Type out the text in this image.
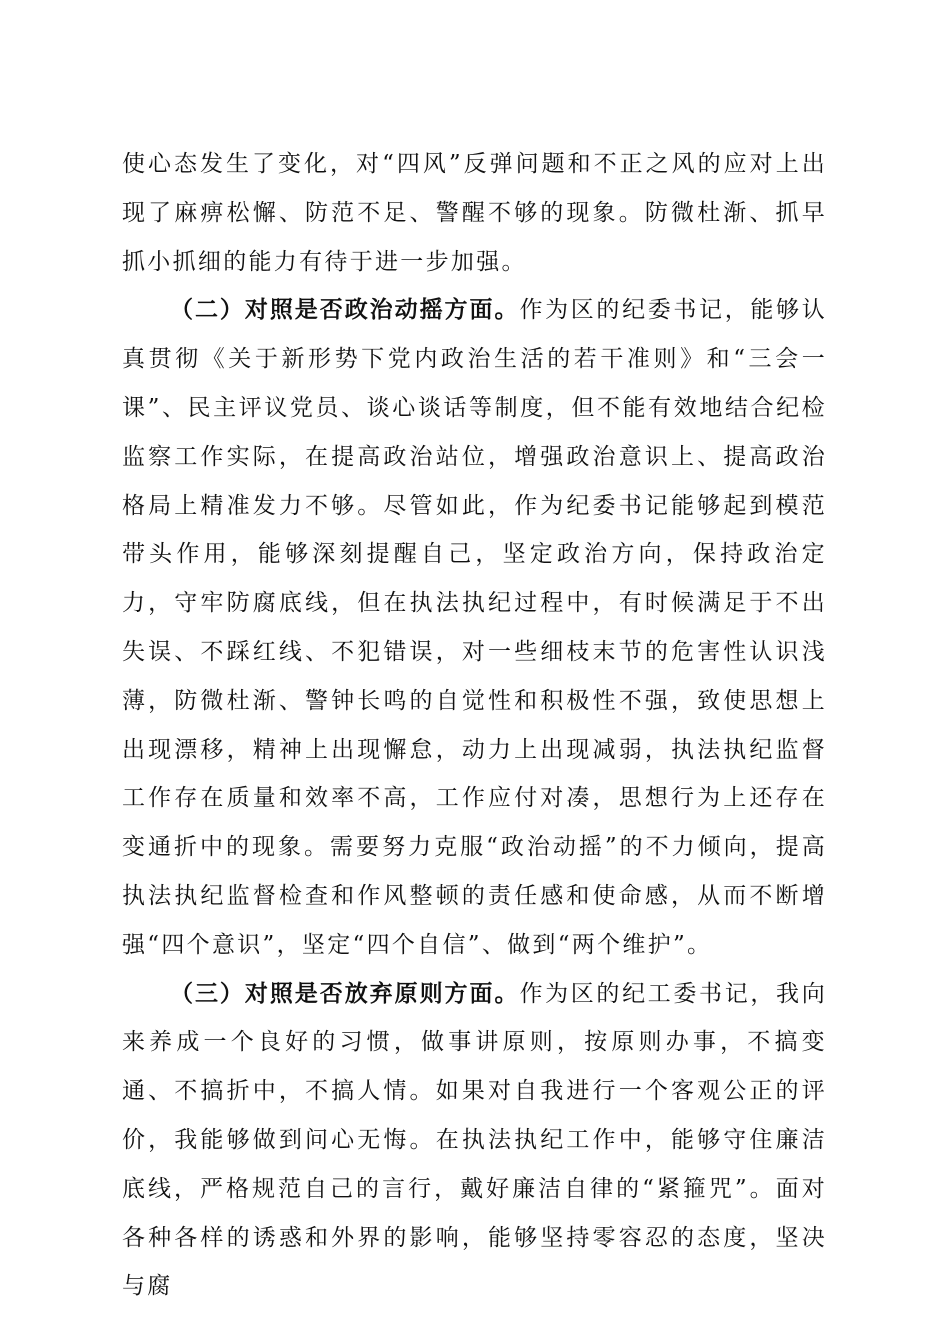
使心态发生了变化，对“四风”反弹问题和不正之风的应对上出现了麻痹松懈、防范不足、警醒不够的现象。防微杜渐、抓早抓小抓细的能力有待于进一步加强。

（二）对照是否政治动摇方面。作为区的纪委书记，能够认真贯彻《关于新形势下党内政治生活的若干准则》和“三会一课”、民主评议党员、谈心谈话等制度，但不能有效地结合纪检监察工作实际，在提高政治站位，增强政治意识上、提高政治格局上精准发力不够。尽管如此，作为纪委书记能够起到模范带头作用，能够深刻提醒自己，坚定政治方向，保持政治定力，守牢防腐底线，但在执法执纪过程中，有时候满足于不出失误、不踩红线、不犯错误，对一些细枝末节的危害性认识浅薄，防微杜渐、警钟长鸣的自觉性和积极性不强，致使思想上出现漂移，精神上出现懈怠，动力上出现减弱，执法执纪监督工作存在质量和效率不高，工作应付对凑，思想行为上还存在变通折中的现象。需要努力克服“政治动摇”的不力倾向，提高执法执纪监督检查和作风整顿的责任感和使命感，从而不断增强“四个意识”，坚定“四个自信”、做到“两个维护”。

（三）对照是否放弃原则方面。作为区的纪工委书记，我向来养成一个良好的习惯，做事讲原则，按原则办事，不搞变通、不搞折中，不搞人情。如果对自我进行一个客观公正的评价，我能够做到问心无悔。在执法执纪工作中，能够守住廉洁底线，严格规范自己的言行，戴好廉洁自律的“紧箍咒”。面对各种各样的诱惑和外界的影响，能够坚持零容忍的态度，坚决与腐
